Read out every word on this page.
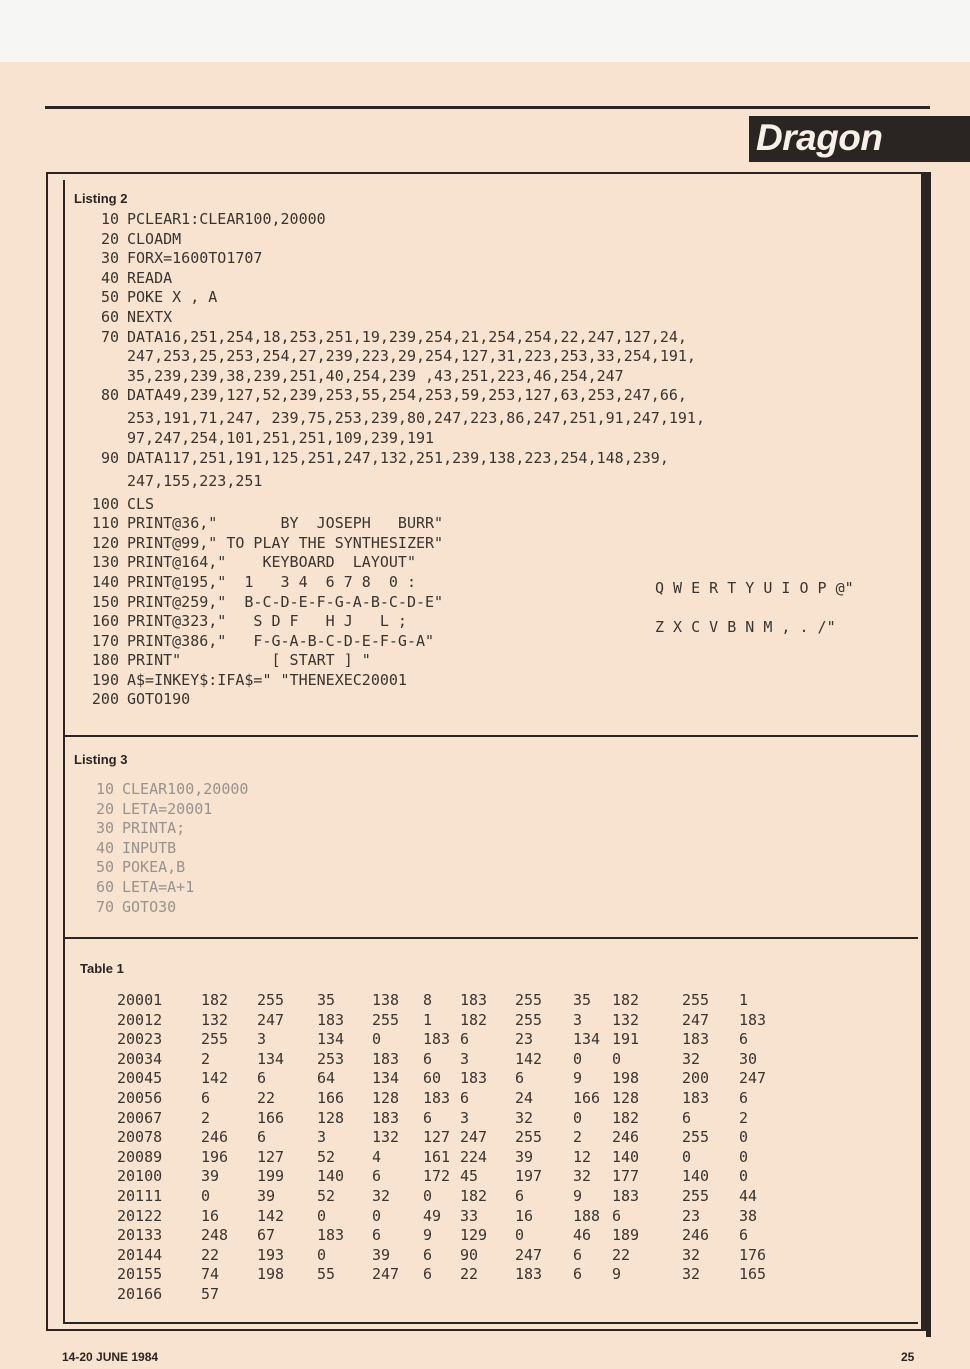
Dragon
Listing 2
10 PCLEAR1:CLEAR100,20000
20 CLOADM
30 FORX=1600TO1707
40 READA
50 POKE X , A
60 NEXTX
70 DATA16,251,254,18,253,251,19,239,254,21,254,254,22,247,127,24,
247,253,25,253,254,27,239,223,29,254,127,31,223,253,33,254,191,
35,239,239,38,239,251,40,254,239 ,43,251,223,46,254,247
80 DATA49,239,127,52,239,253,55,254,253,59,253,127,63,253,247,66,
253,191,71,247, 239,75,253,239,80,247,223,86,247,251,91,247,191,
97,247,254,101,251,251,109,239,191
90 DATA117,251,191,125,251,247,132,251,239,138,223,254,148,239,
247,155,223,251
100 CLS
110 PRINT@36,"       BY  JOSEPH   BURR"
120 PRINT@99," TO PLAY THE SYNTHESIZER"
130 PRINT@164,"    KEYBOARD  LAYOUT"
140 PRINT@195,"  1   3 4  6 7 8  0 :
150 PRINT@259,"  B-C-D-E-F-G-A-B-C-D-E"
160 PRINT@323,"   S D F   H J   L ;
170 PRINT@386,"   F-G-A-B-C-D-E-F-G-A"
180 PRINT"          [ START ] "
190 A$=INKEY$:IFA$=" "THENEXEC20001
200 GOTO190
Q W E R T Y U I O P @"
Z X C V B N M , . /"
Listing 3
10 CLEAR100,20000
20 LETA=20001
30 PRINTA;
40 INPUTB
50 POKEA,B
60 LETA=A+1
70 GOTO30
Table 1
20001	182 255 35 138 8 183 255 35 182	255 1
20012	132 247 183 255 1 182 255 3 132	247 183
20023	255 3	134 0	183 6	23	134 191	183 6
20034	2	134 253 183 6 3	142 0 0	32	30
20045	142 6	64 134 60 183 6	9 198	200 247
20056	6	22	166 128 183 6	24	166 128	183 6
20067	2	166 128 183 6 3	32	0 182	6	2
20078	246 6	3	132 127 247 255 2 246	255 0
20089	196 127 52 4	161 224 39	12 140	0	0
20100	39	199 140 6	172 45 197 32 177	140 0
20111	0	39	52 32 0 182 6	9 183	255 44
20122	16	142 0	0	49 33 16	188 6	23	38
20133	248 67	183 6	9 129 0	46 189	246 6
20144	22	193 0	39 6 90 247 6 22	32	176
20155	74	198 55 247 6 22 183 6 9	32	165
20166	57
14-20 JUNE 1984	25
